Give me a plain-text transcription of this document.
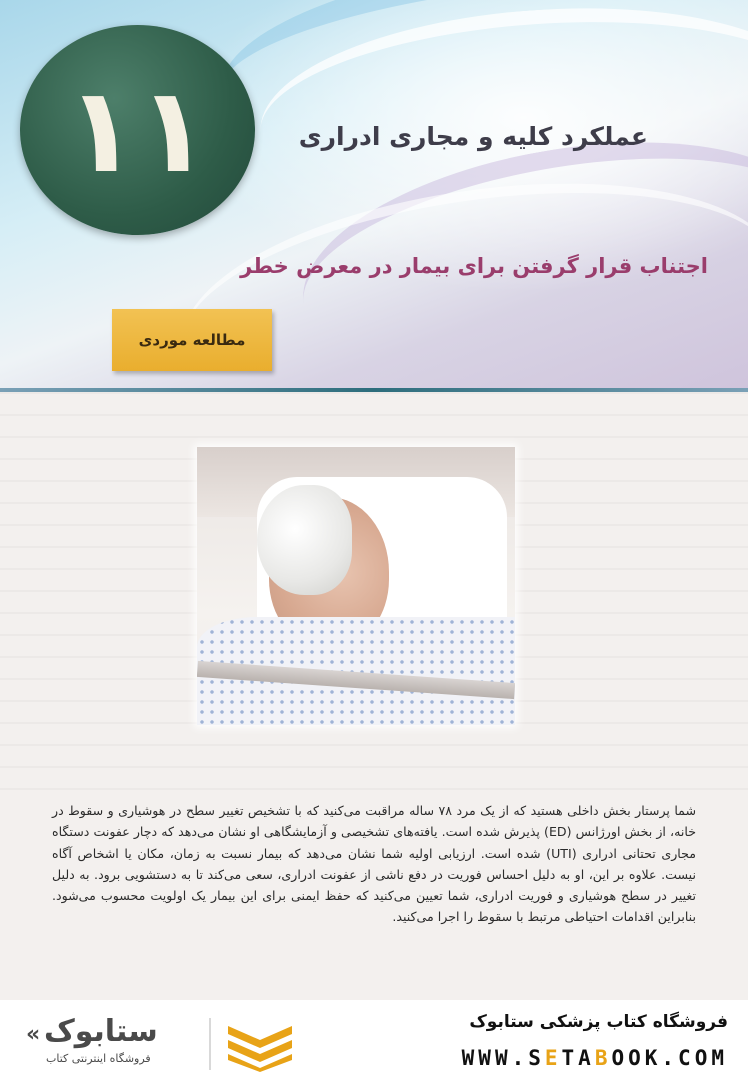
۱۱	عملکرد کلیه و مجاری ادراری
اجتناب قرار گرفتن برای بیمار در معرض خطر
مطالعه موردی
شما پرستار بخش داخلی هستید که از یک مرد ۷۸ ساله مراقبت می‌کنید که با تشخیص تغییر سطح در هوشیاری و سقوط در خانه، از بخش اورژانس (ED) پذیرش شده است. یافته‌های تشخیصی و آزمایشگاهی او نشان می‌دهد که دچار عفونت دستگاه مجاری تحتانی ادراری (UTI) شده است. ارزیابی اولیه شما نشان می‌دهد که بیمار نسبت به زمان، مکان یا اشخاص آگاه نیست. علاوه بر این، او به دلیل احساس فوریت در دفع ناشی از عفونت ادراری، سعی می‌کند تا به دستشویی برود. به دلیل تغییر در سطح هوشیاری و فوریت ادراری، شما تعیین می‌کنید که حفظ ایمنی برای این بیمار یک اولویت محسوب می‌شود. بنابراین اقدامات احتیاطی مرتبط با سقوط را اجرا می‌کنید.
« ستابوک
فروشگاه اینترنتی کتاب
فروشگاه کتاب پزشکی ستابوک
WWW.SETABOOK.COM
